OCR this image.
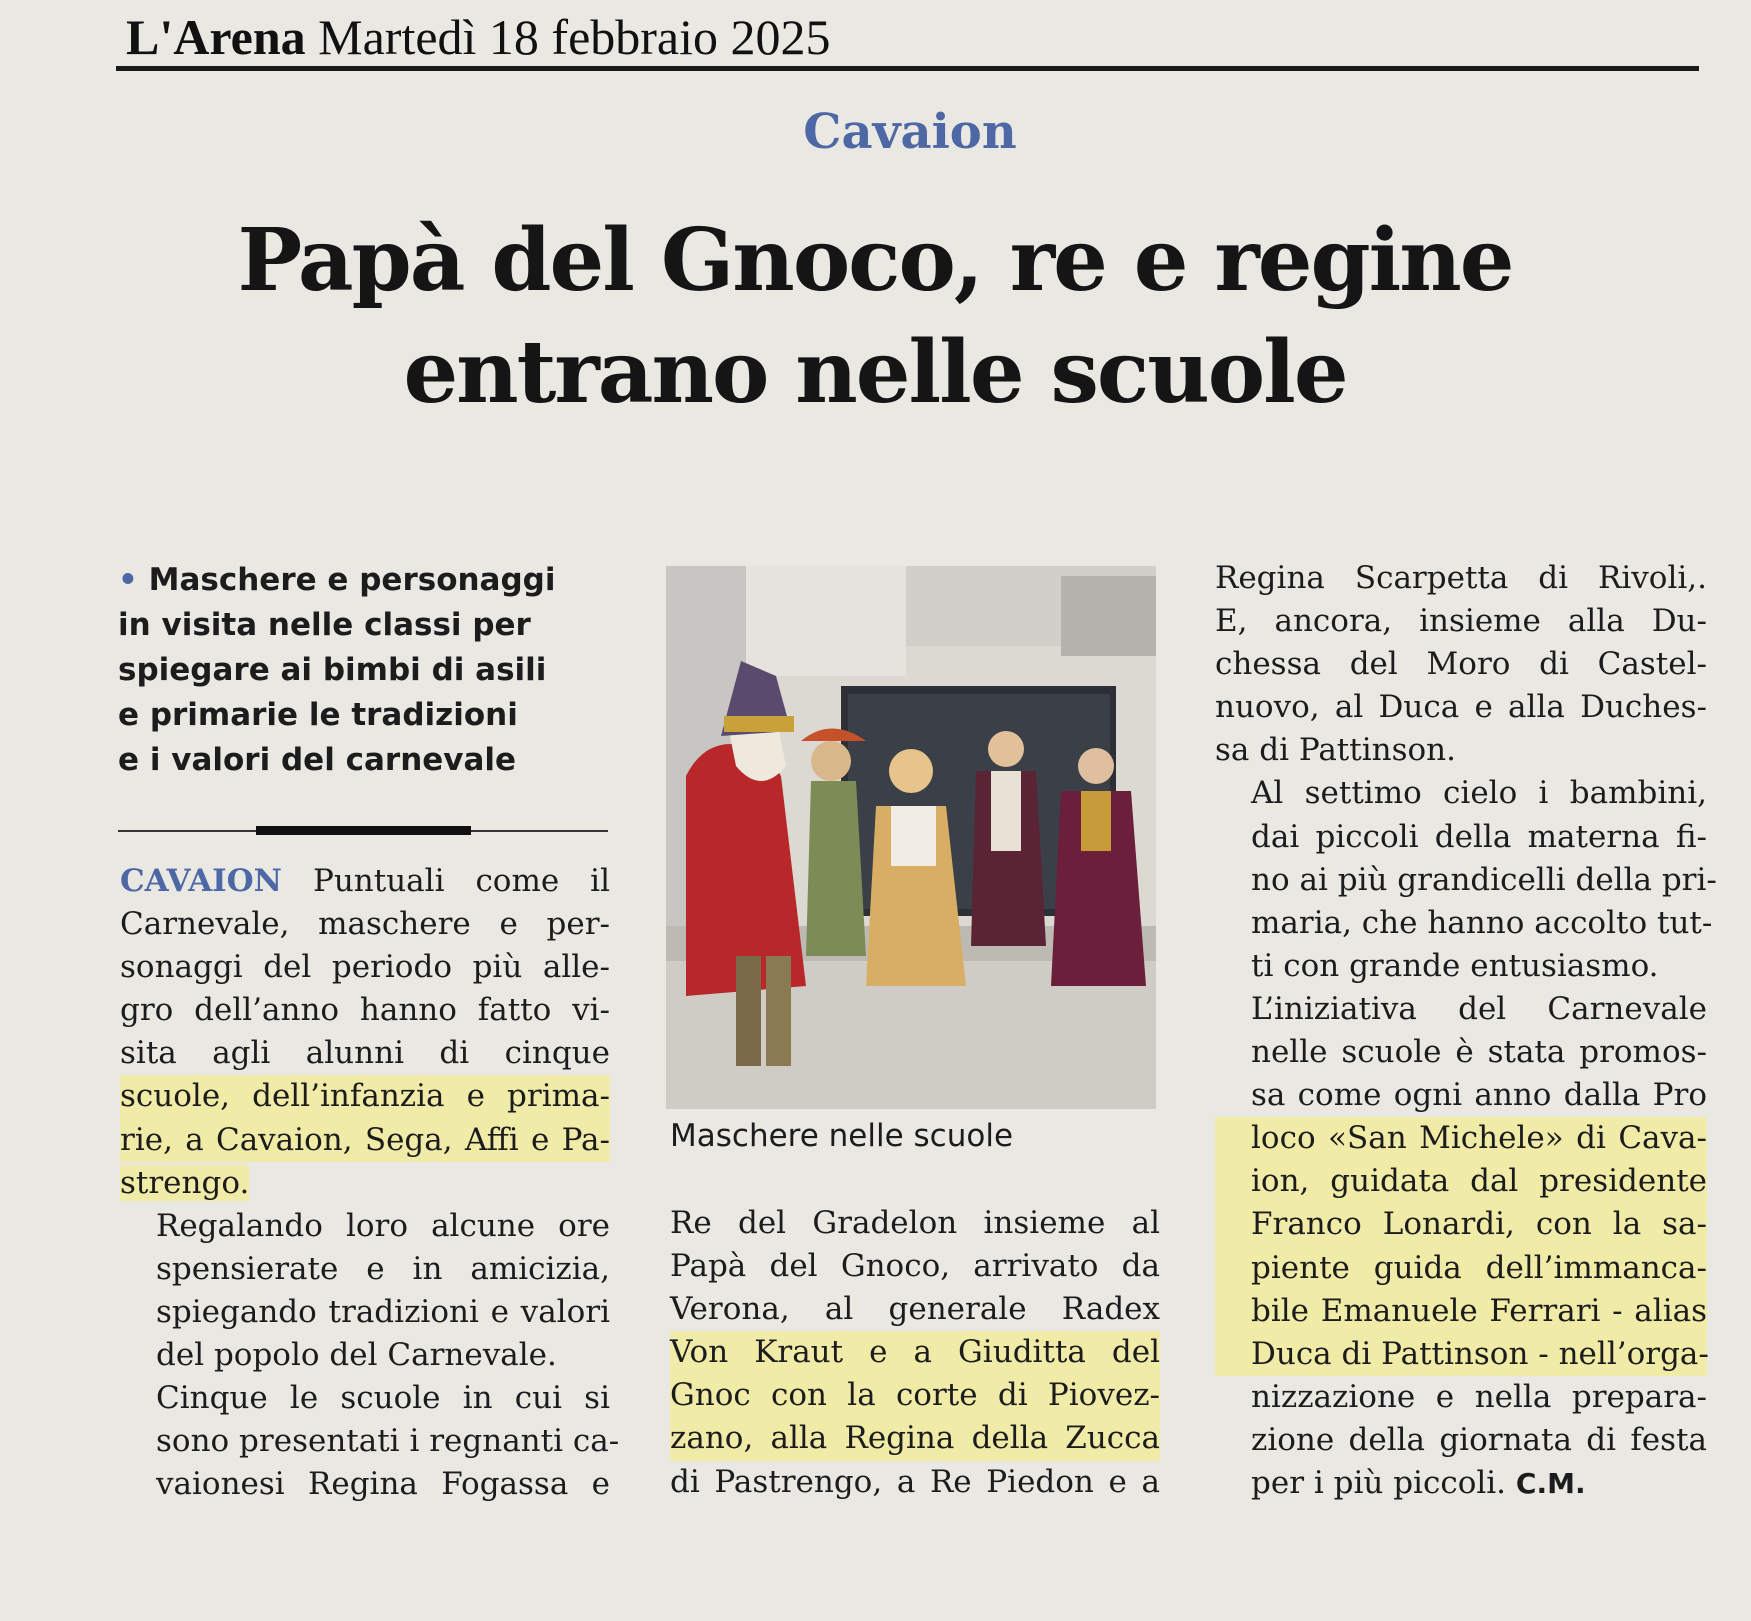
L'Arena Martedì 18 febbraio 2025
Cavaion
Papà del Gnoco, re e regine
entrano nelle scuole
• Maschere e personaggi
in visita nelle classi per
spiegare ai bimbi di asili
e primarie le tradizioni
e i valori del carnevale

CAVAION Puntuali come il
Carnevale, maschere e per-
sonaggi del periodo più alle-
gro dell’anno hanno fatto vi-
sita agli alunni di cinque
scuole, dell’infanzia e prima-
rie, a Cavaion, Sega, Affi e Pa-
strengo.

Regalando loro alcune ore
spensierate e in amicizia,
spiegando tradizioni e valori
del popolo del Carnevale.

Cinque le scuole in cui si
sono presentati i regnanti ca-
vaionesi Regina Fogassa e

Maschere nelle scuole

Re del Gradelon insieme al
Papà del Gnoco, arrivato da
Verona, al generale Radex
Von Kraut e a Giuditta del
Gnoc con la corte di Piovez-
zano, alla Regina della Zucca
di Pastrengo, a Re Piedon e a

Regina Scarpetta di Rivoli,.
E, ancora, insieme alla Du-
chessa del Moro di Castel-
nuovo, al Duca e alla Duches-
sa di Pattinson.

Al settimo cielo i bambini,
dai piccoli della materna fi-
no ai più grandicelli della pri-
maria, che hanno accolto tut-
ti con grande entusiasmo.

L’iniziativa del Carnevale
nelle scuole è stata promos-
sa come ogni anno dalla Pro
loco «San Michele» di Cava-
ion, guidata dal presidente
Franco Lonardi, con la sa-
piente guida dell’immanca-
bile Emanuele Ferrari - alias
Duca di Pattinson - nell’orga-
nizzazione e nella prepara-
zione della giornata di festa
per i più piccoli. C.M.
